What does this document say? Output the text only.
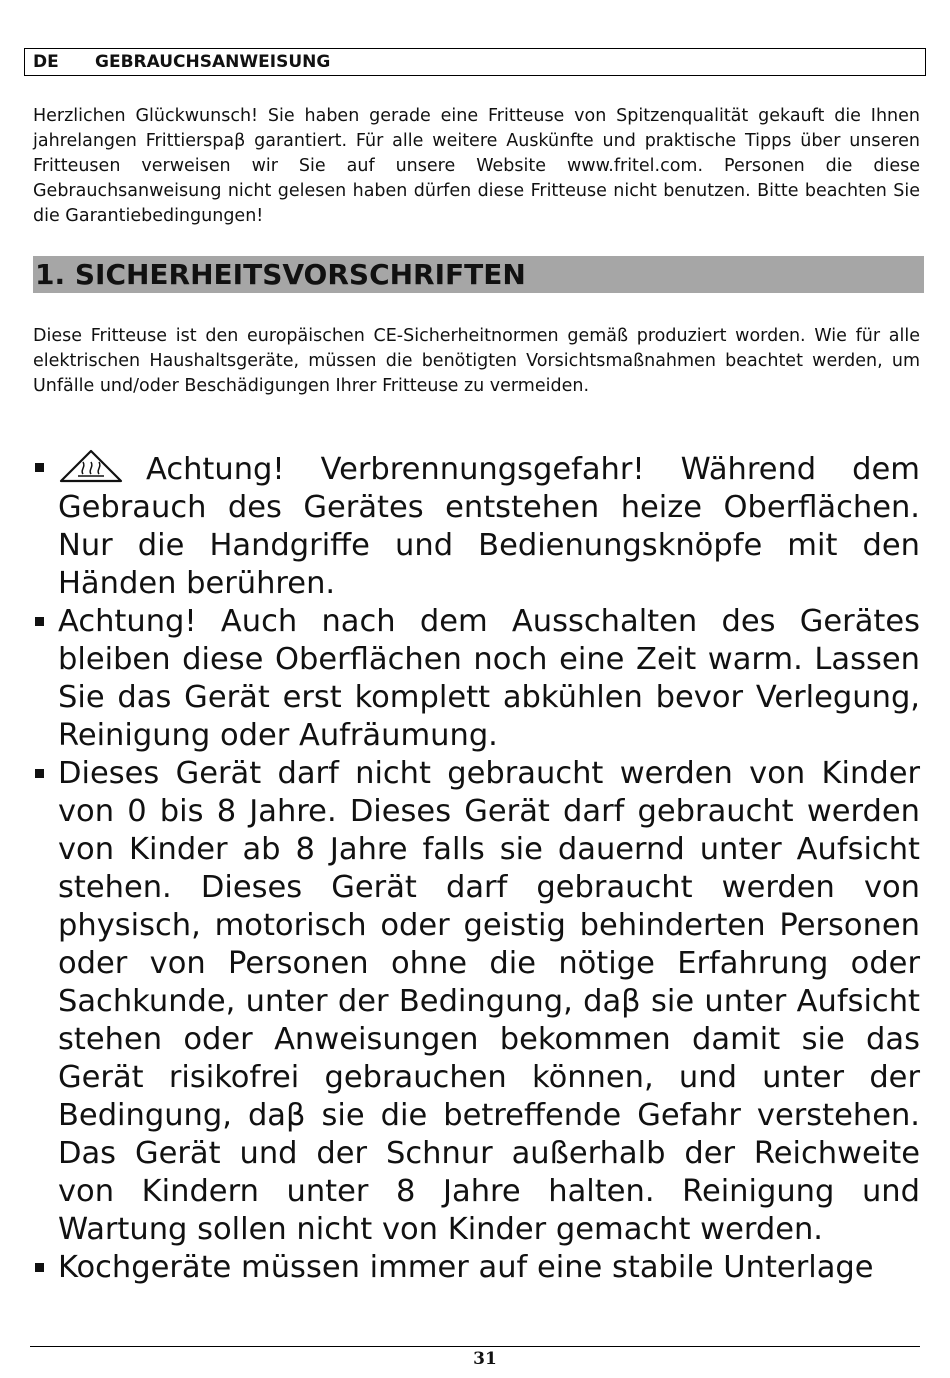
DE	GEBRAUCHSANWEISUNG

Herzlichen Glückwunsch! Sie haben gerade eine Fritteuse von Spitzenqualität gekauft die Ihnen jahrelangen Frittierspaβ garantiert. Für alle weitere Auskünfte und praktische Tipps über unseren Fritteusen verweisen wir Sie auf unsere Website www.fritel.com. Personen die diese Gebrauchsanweisung nicht gelesen haben dürfen diese Fritteuse nicht benutzen. Bitte beachten Sie die Garantiebedingungen!

1. SICHERHEITSVORSCHRIFTEN

Diese Fritteuse ist den europäischen CE-Sicherheitnormen gemäß produziert worden. Wie für alle elektrischen Haushaltsgeräte, müssen die benötigten Vorsichtsmaßnahmen beachtet werden, um Unfälle und/oder Beschädigungen Ihrer Fritteuse zu vermeiden.

Achtung! Verbrennungsgefahr! Während dem Gebrauch des Gerätes entstehen heize Oberflächen. Nur die Handgriffe und Bedienungsknöpfe mit den Händen berühren.
Achtung! Auch nach dem Ausschalten des Gerätes bleiben diese Oberflächen noch eine Zeit warm. Lassen Sie das Gerät erst komplett abkühlen bevor Verlegung, Reinigung oder Aufräumung.
Dieses Gerät darf nicht gebraucht werden von Kinder von 0 bis 8 Jahre. Dieses Gerät darf gebraucht werden von Kinder ab 8 Jahre falls sie dauernd unter Aufsicht stehen. Dieses Gerät darf gebraucht werden von physisch, motorisch oder geistig behinderten Personen oder von Personen ohne die nötige Erfahrung oder Sachkunde, unter der Bedingung, daβ sie unter Aufsicht stehen oder Anweisungen bekommen damit sie das Gerät risikofrei gebrauchen können, und unter der Bedingung, daβ sie die betreffende Gefahr verstehen. Das Gerät und der Schnur außerhalb der Reichweite von Kindern unter 8 Jahre halten. Reinigung und Wartung sollen nicht von Kinder gemacht werden.
Kochgeräte müssen immer auf eine stabile Unterlage
31
